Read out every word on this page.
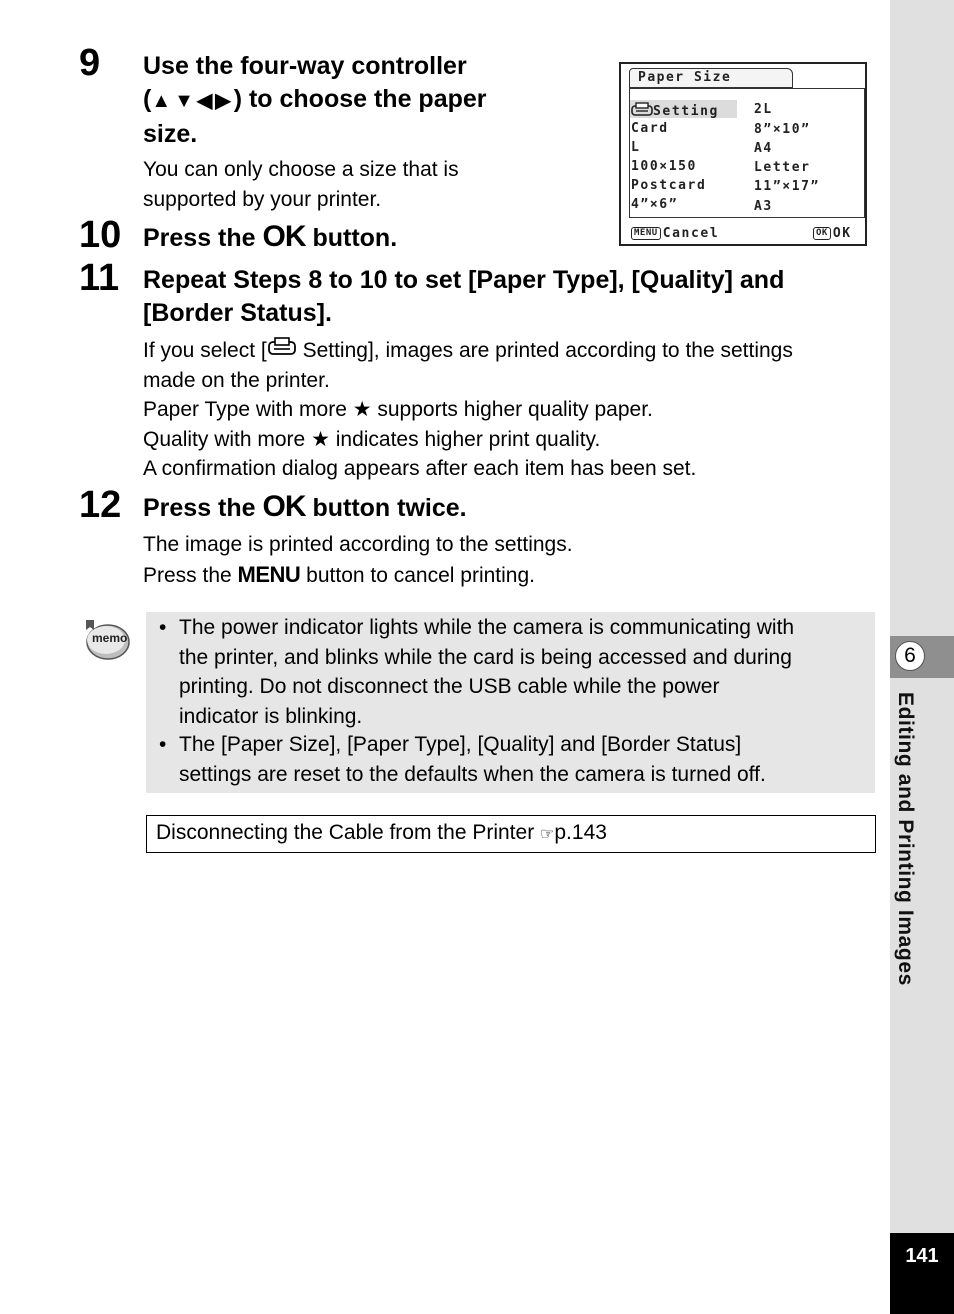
9 Use the four-way controller
(▲▼◀▶) to choose the paper
size.
You can only choose a size that is
supported by your printer.
Paper Size
Setting
Card
L
100×150
Postcard
4”×6”
2L
8”×10”
A4
Letter
11”×17”
A3
MENU Cancel	OK OK
10 Press the OK button.
11 Repeat Steps 8 to 10 to set [Paper Type], [Quality] and
[Border Status].
If you select [ Setting], images are printed according to the settings
made on the printer.
Paper Type with more ★ supports higher quality paper.
Quality with more ★ indicates higher print quality.
A confirmation dialog appears after each item has been set.
12 Press the OK button twice.
The image is printed according to the settings.
Press the MENU button to cancel printing.
memo • The power indicator lights while the camera is communicating with
the printer, and blinks while the card is being accessed and during
printing. Do not disconnect the USB cable while the power
indicator is blinking.
• The [Paper Size], [Paper Type], [Quality] and [Border Status]
settings are reset to the defaults when the camera is turned off.
Disconnecting the Cable from the Printer ☞p.143
6
Editing and Printing Images
141
